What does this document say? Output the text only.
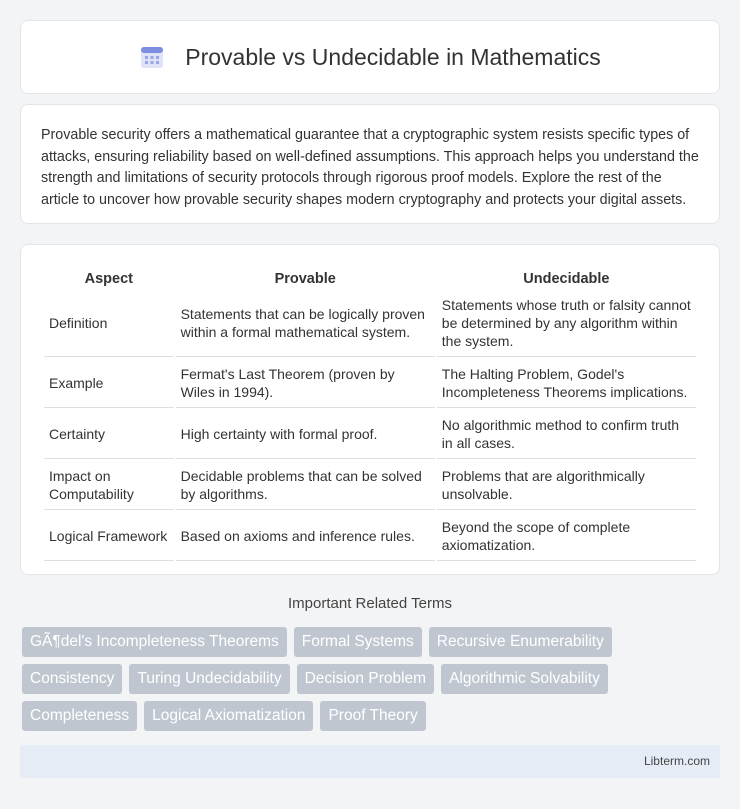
Provable vs Undecidable in Mathematics

Provable security offers a mathematical guarantee that a cryptographic system resists specific types of attacks, ensuring reliability based on well-defined assumptions. This approach helps you understand the strength and limitations of security protocols through rigorous proof models. Explore the rest of the article to uncover how provable security shapes modern cryptography and protects your digital assets.

Aspect	Provable	Undecidable
Definition	Statements that can be logically proven within a formal mathematical system.	Statements whose truth or falsity cannot be determined by any algorithm within the system.
Example	Fermat's Last Theorem (proven by Wiles in 1994).	The Halting Problem, Godel's Incompleteness Theorems implications.
Certainty	High certainty with formal proof.	No algorithmic method to confirm truth in all cases.
Impact on Computability	Decidable problems that can be solved by algorithms.	Problems that are algorithmically unsolvable.
Logical Framework	Based on axioms and inference rules.	Beyond the scope of complete axiomatization.
Important Related Terms
GÃ¶del's Incompleteness Theorems	Formal Systems	Recursive Enumerability
Consistency	Turing Undecidability	Decision Problem	Algorithmic Solvability
Completeness	Logical Axiomatization	Proof Theory
Libterm.com
